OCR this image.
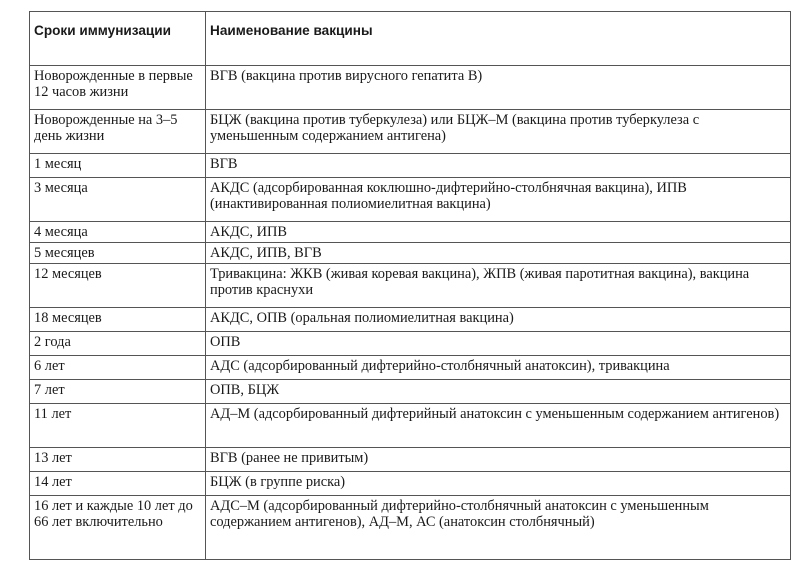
Сроки иммунизации	Наименование вакцины
Новорожденные в первые 12 часов жизни	ВГВ (вакцина против вирусного гепатита В)
Новорожденные на 3–5 день жизни	БЦЖ (вакцина против туберкулеза) или БЦЖ–М (вакцина против туберкулеза с уменьшенным содержанием антигена)
1 месяц	ВГВ
3 месяца	АКДС (адсорбированная коклюшно-дифтерийно-столбнячная вакцина), ИПВ (инактивированная полиомиелитная вакцина)
4 месяца	АКДС, ИПВ
5 месяцев	АКДС, ИПВ, ВГВ
12 месяцев	Тривакцина: ЖКВ (живая коревая вакцина), ЖПВ (живая паротитная вакцина), вакцина против краснухи
18 месяцев	АКДС, ОПВ (оральная полиомиелитная вакцина)
2 года	ОПВ
6 лет	АДС (адсорбированный дифтерийно-столбнячный анатоксин), тривакцина
7 лет	ОПВ, БЦЖ
11 лет	АД–М (адсорбированный дифтерийный анатоксин с уменьшенным содержанием антигенов)
13 лет	ВГВ (ранее не привитым)
14 лет	БЦЖ (в группе риска)
16 лет и каждые 10 лет до 66 лет включительно	АДС–М (адсорбированный дифтерийно-столбнячный анатоксин с уменьшенным содержанием антигенов), АД–М, АС (анатоксин столбнячный)
